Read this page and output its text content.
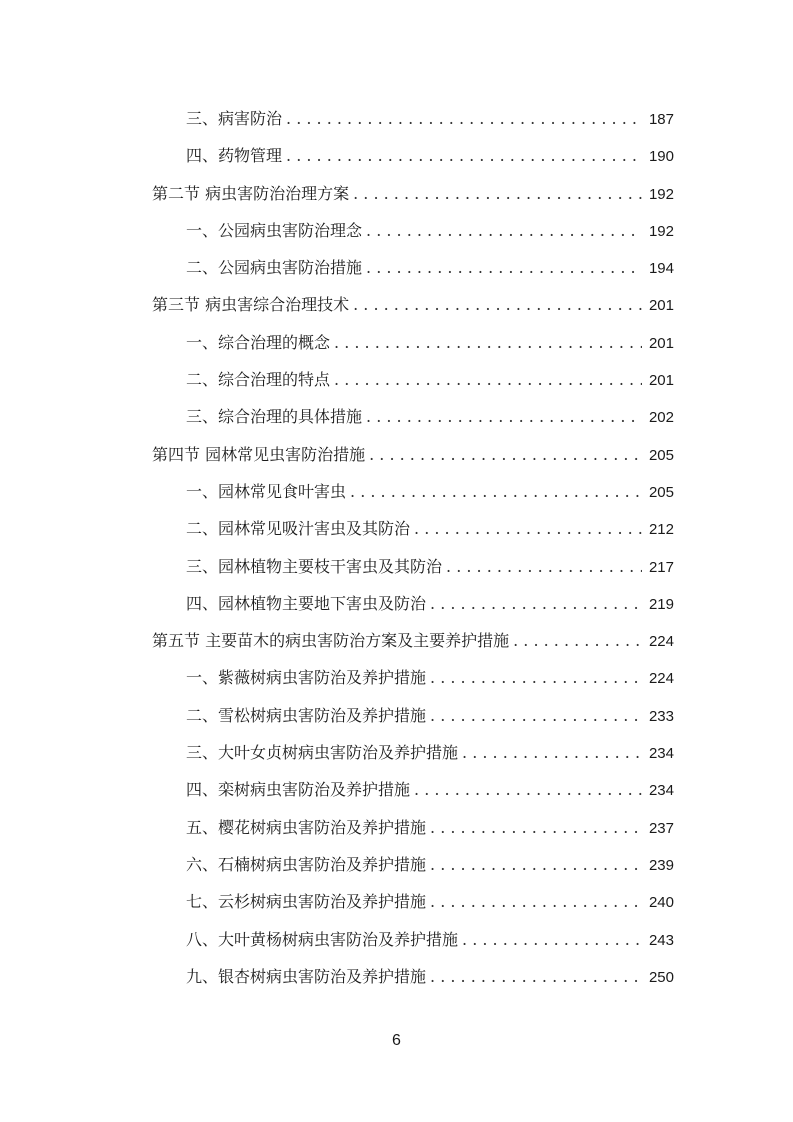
三、病害防治 . . .	187
四、药物管理 . . .	190
第二节 病虫害防治治理方案 . . .	192
一、公园病虫害防治理念 . . .	192
二、公园病虫害防治措施 . . .	194
第三节 病虫害综合治理技术 . . .	201
一、综合治理的概念 . . .	201
二、综合治理的特点 . . .	201
三、综合治理的具体措施 . . .	202
第四节 园林常见虫害防治措施 . . .	205
一、园林常见食叶害虫 . . .	205
二、园林常见吸汁害虫及其防治 . . .	212
三、园林植物主要枝干害虫及其防治 . . .	217
四、园林植物主要地下害虫及防治 . . .	219
第五节 主要苗木的病虫害防治方案及主要养护措施 . . .	224
一、紫薇树病虫害防治及养护措施 . . .	224
二、雪松树病虫害防治及养护措施 . . .	233
三、大叶女贞树病虫害防治及养护措施 . . .	234
四、栾树病虫害防治及养护措施 . . .	234
五、樱花树病虫害防治及养护措施 . . .	237
六、石楠树病虫害防治及养护措施 . . .	239
七、云杉树病虫害防治及养护措施 . . .	240
八、大叶黄杨树病虫害防治及养护措施 . . .	243
九、银杏树病虫害防治及养护措施 . . .	250
6
